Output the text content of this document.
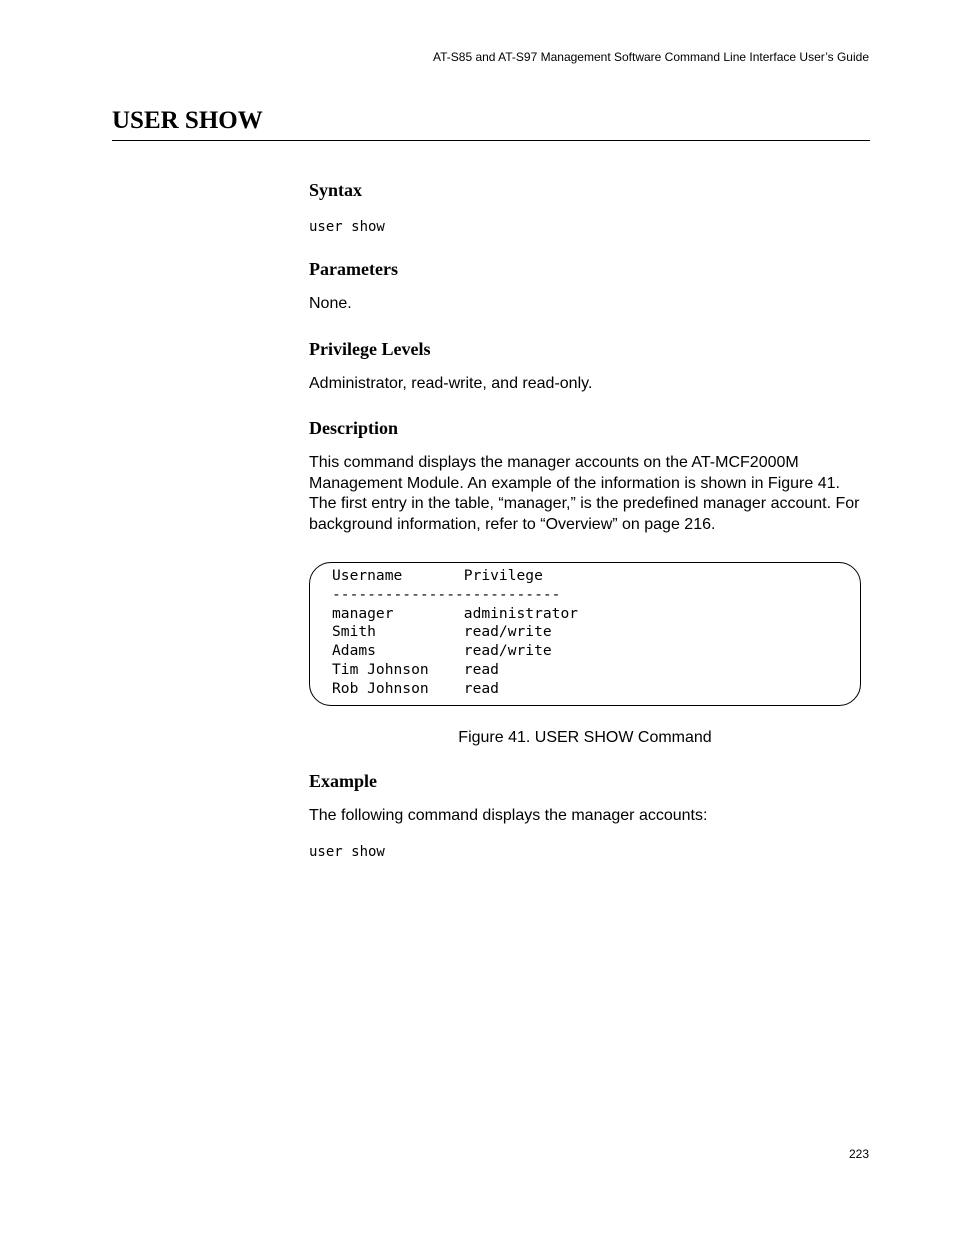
AT-S85 and AT-S97 Management Software Command Line Interface User’s Guide
USER SHOW
Syntax

user show

Parameters

None.

Privilege Levels

Administrator, read-write, and read-only.

Description

This command displays the manager accounts on the AT-MCF2000M Management Module. An example of the information is shown in Figure 41. The first entry in the table, “manager,” is the predefined manager account. For background information, refer to “Overview” on page 216.

Username       Privilege

--------------------------

manager        administrator

Smith          read/write

Adams          read/write

Tim Johnson    read

Rob Johnson    read

Figure 41. USER SHOW Command

Example

The following command displays the manager accounts:

user show

223
